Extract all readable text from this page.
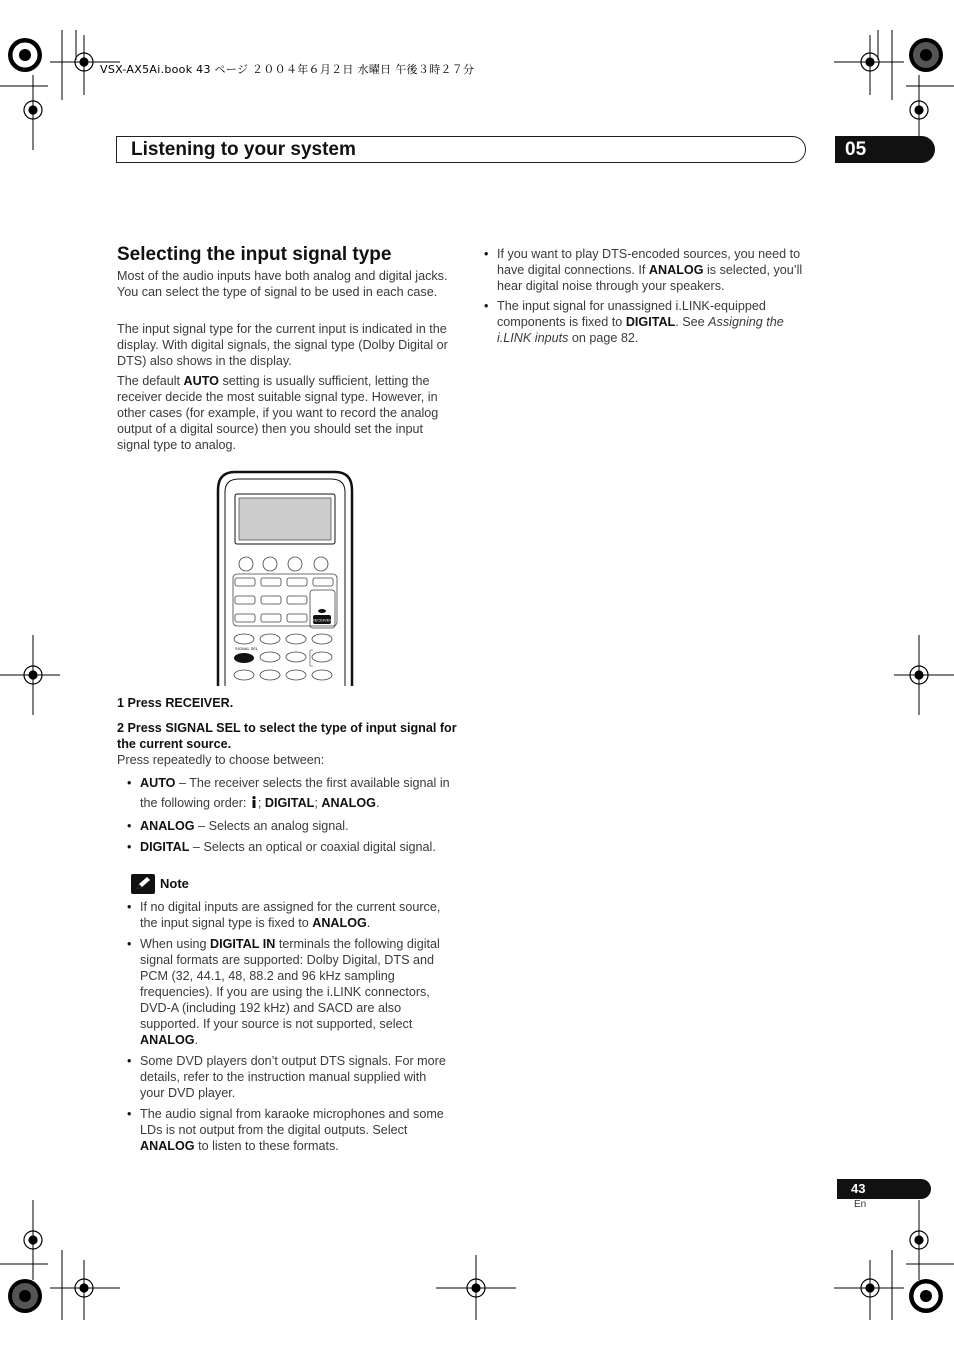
VSX-AX5Ai.book 43 ページ ２００４年６月２日 水曜日 午後３時２７分
Listening to your system	05
Selecting the input signal type

Most of the audio inputs have both analog and digital jacks. You can select the type of signal to be used in each case.

The input signal type for the current input is indicated in the display. With digital signals, the signal type (Dolby Digital or DTS) also shows in the display.

The default AUTO setting is usually sufficient, letting the receiver decide the most suitable signal type. However, in other cases (for example, if you want to record the analog output of a digital source) then you should set the input signal type to analog.

RECEIVER
SIGNAL SEL

1 Press RECEIVER.

2 Press SIGNAL SEL to select the type of input signal for the current source.

Press repeatedly to choose between:

• AUTO – The receiver selects the first available signal in the following order: ; DIGITAL; ANALOG.
• ANALOG – Selects an analog signal.
• DIGITAL – Selects an optical or coaxial digital signal.
Note
• If no digital inputs are assigned for the current source, the input signal type is fixed to ANALOG.
• When using DIGITAL IN terminals the following digital signal formats are supported: Dolby Digital, DTS and PCM (32, 44.1, 48, 88.2 and 96 kHz sampling frequencies). If you are using the i.LINK connectors, DVD-A (including 192 kHz) and SACD are also supported. If your source is not supported, select ANALOG.
• Some DVD players don’t output DTS signals. For more details, refer to the instruction manual supplied with your DVD player.
• The audio signal from karaoke microphones and some LDs is not output from the digital outputs. Select ANALOG to listen to these formats.
• If you want to play DTS-encoded sources, you need to have digital connections. If ANALOG is selected, you’ll hear digital noise through your speakers.
• The input signal for unassigned i.LINK-equipped components is fixed to DIGITAL. See Assigning the i.LINK inputs on page 82.
43
En
